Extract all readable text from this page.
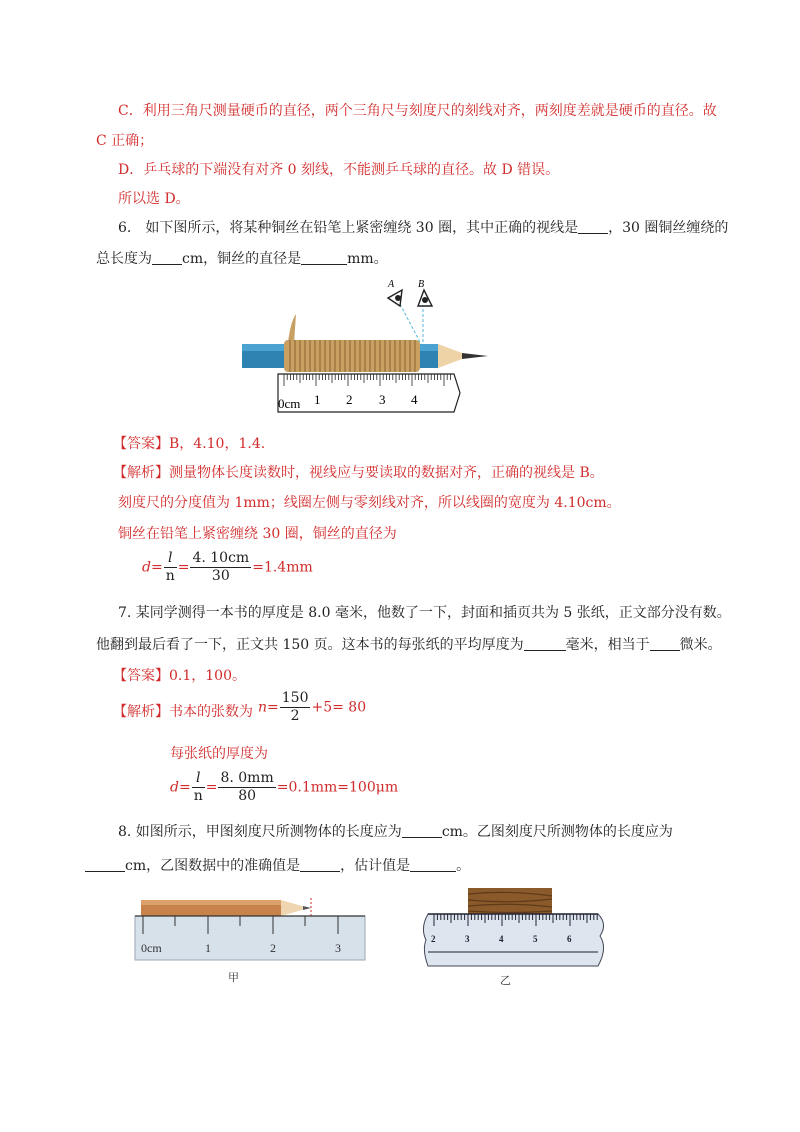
C．利用三角尺测量硬币的直径，两个三角尺与刻度尺的刻线对齐，两刻度差就是硬币的直径。故
C 正确；
D．乒乓球的下端没有对齐 0 刻线，不能测乒乓球的直径。故 D 错误。
所以选 D。
6.　如下图所示，将某种铜丝在铅笔上紧密缠绕 30 圈，其中正确的视线是 ，30 圈铜丝缠绕的
总长度为 cm，铜丝的直径是	mm。
A B
0cm 1 2 3 4
【答案】B，4.10，1.4.
【解析】测量物体长度读数时，视线应与要读取的数据对齐，正确的视线是 B。
刻度尺的分度值为 1mm；线圈左侧与零刻线对齐，所以线圈的宽度为 4.10cm。
铜丝在铅笔上紧密缠绕 30 圈，铜丝的直径为
$d= \frac{l}{n} = \frac{4. 10cm}{30} =1.4mm$
7. 某同学测得一本书的厚度是 8.0 毫米，他数了一下，封面和插页共为 5 张纸，正文部分没有数。
他翻到最后看了一下，正文共 150 页。这本书的每张纸的平均厚度为	毫米，相当于 微米。
【答案】0.1，100。
【解析】书本的张数为 $n= \frac{150}{2} +5= 80$
每张纸的厚度为
$d= \frac{l}{n} = \frac{8. 0mm}{80} =0.1mm=100\mu m$
8. 如图所示，甲图刻度尺所测物体的长度应为	cm。乙图刻度尺所测物体的长度应为
cm，乙图数据中的准确值是	，估计值是	。
0cm	1	2	3
甲
2	3	4	5	6
乙
